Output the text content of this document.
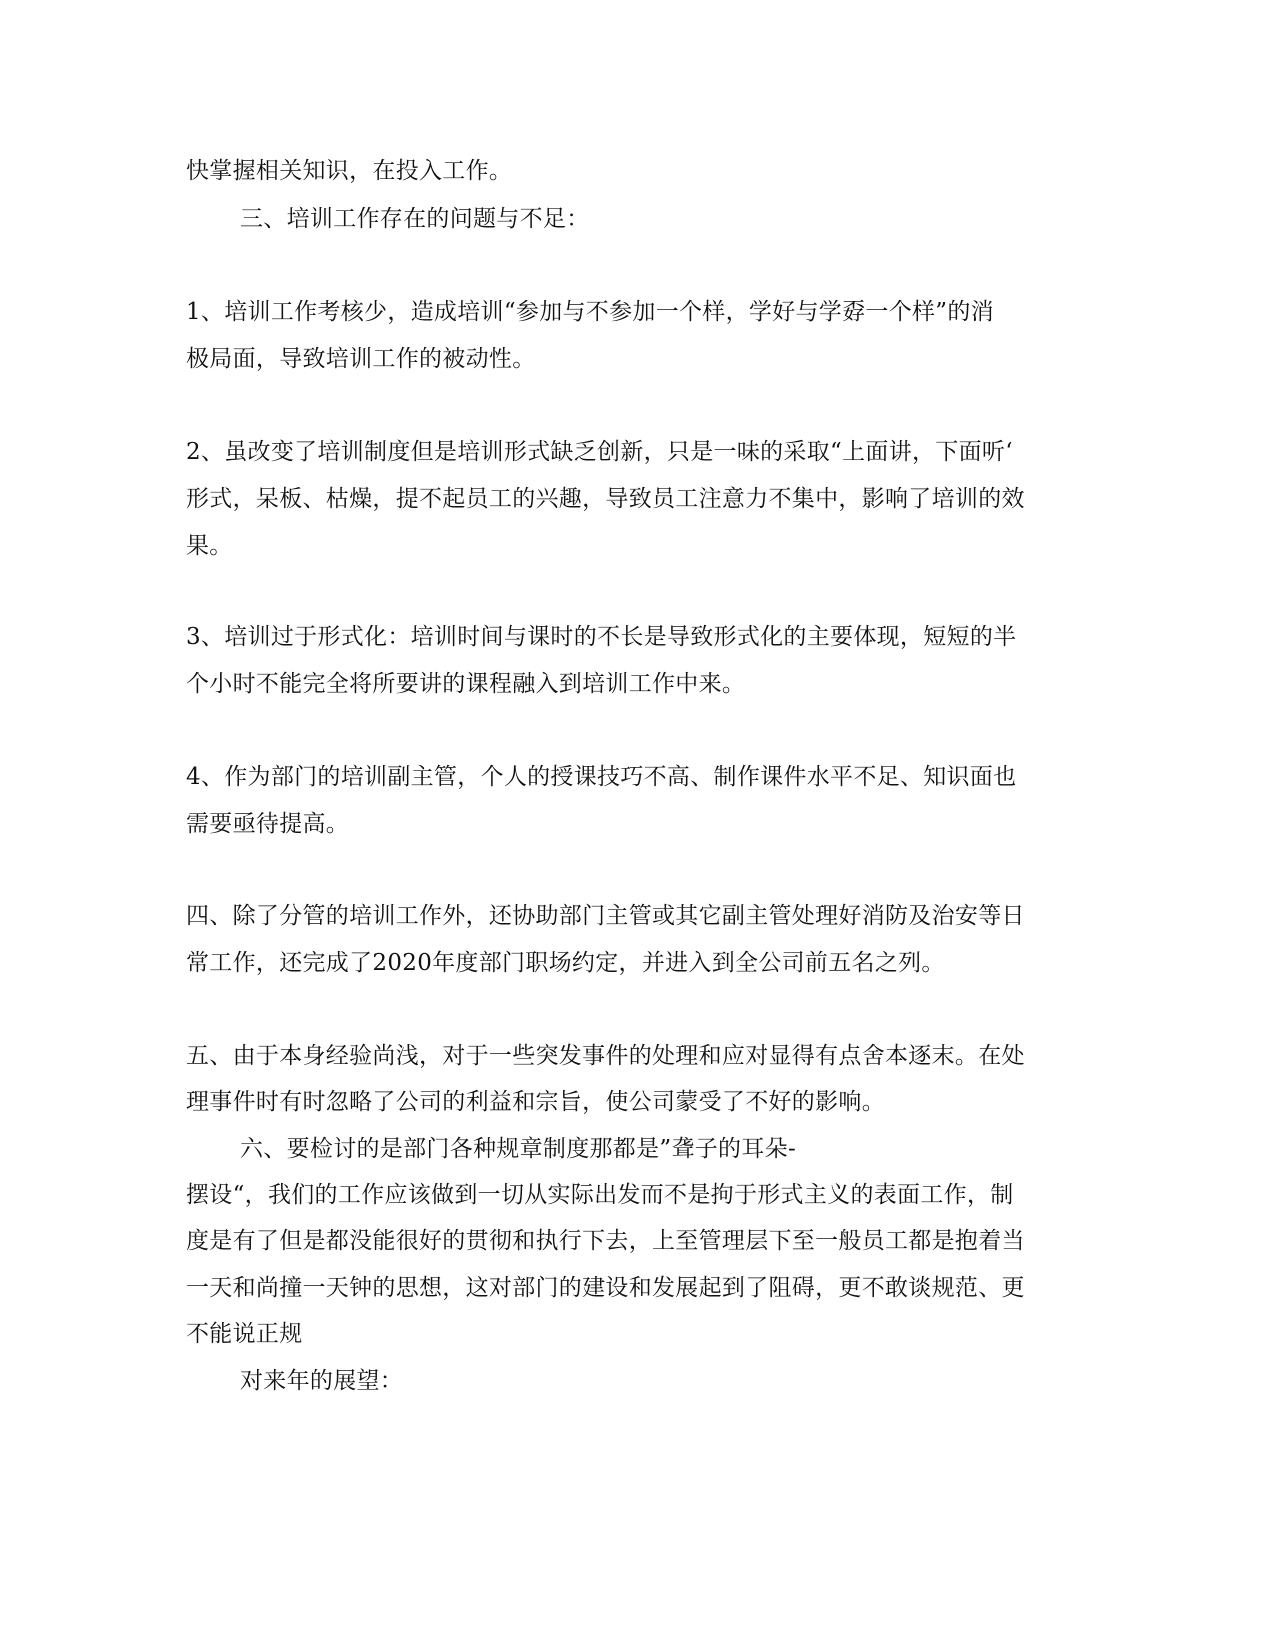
快掌握相关知识，在投入工作。
三、培训工作存在的问题与不足：
1、培训工作考核少，造成培训“参加与不参加一个样，学好与学孬一个样”的消
极局面，导致培训工作的被动性。
2、虽改变了培训制度但是培训形式缺乏创新，只是一味的采取“上面讲，下面听‘
形式，呆板、枯燥，提不起员工的兴趣，导致员工注意力不集中，影响了培训的效
果。
3、培训过于形式化：培训时间与课时的不长是导致形式化的主要体现，短短的半
个小时不能完全将所要讲的课程融入到培训工作中来。
4、作为部门的培训副主管，个人的授课技巧不高、制作课件水平不足、知识面也
需要亟待提高。
四、除了分管的培训工作外，还协助部门主管或其它副主管处理好消防及治安等日
常工作，还完成了2020年度部门职场约定，并进入到全公司前五名之列。
五、由于本身经验尚浅，对于一些突发事件的处理和应对显得有点舍本逐末。在处
理事件时有时忽略了公司的利益和宗旨，使公司蒙受了不好的影响。
六、要检讨的是部门各种规章制度那都是”聋子的耳朵-
摆设“，我们的工作应该做到一切从实际出发而不是拘于形式主义的表面工作，制
度是有了但是都没能很好的贯彻和执行下去，上至管理层下至一般员工都是抱着当
一天和尚撞一天钟的思想，这对部门的建设和发展起到了阻碍，更不敢谈规范、更
不能说正规
对来年的展望：
